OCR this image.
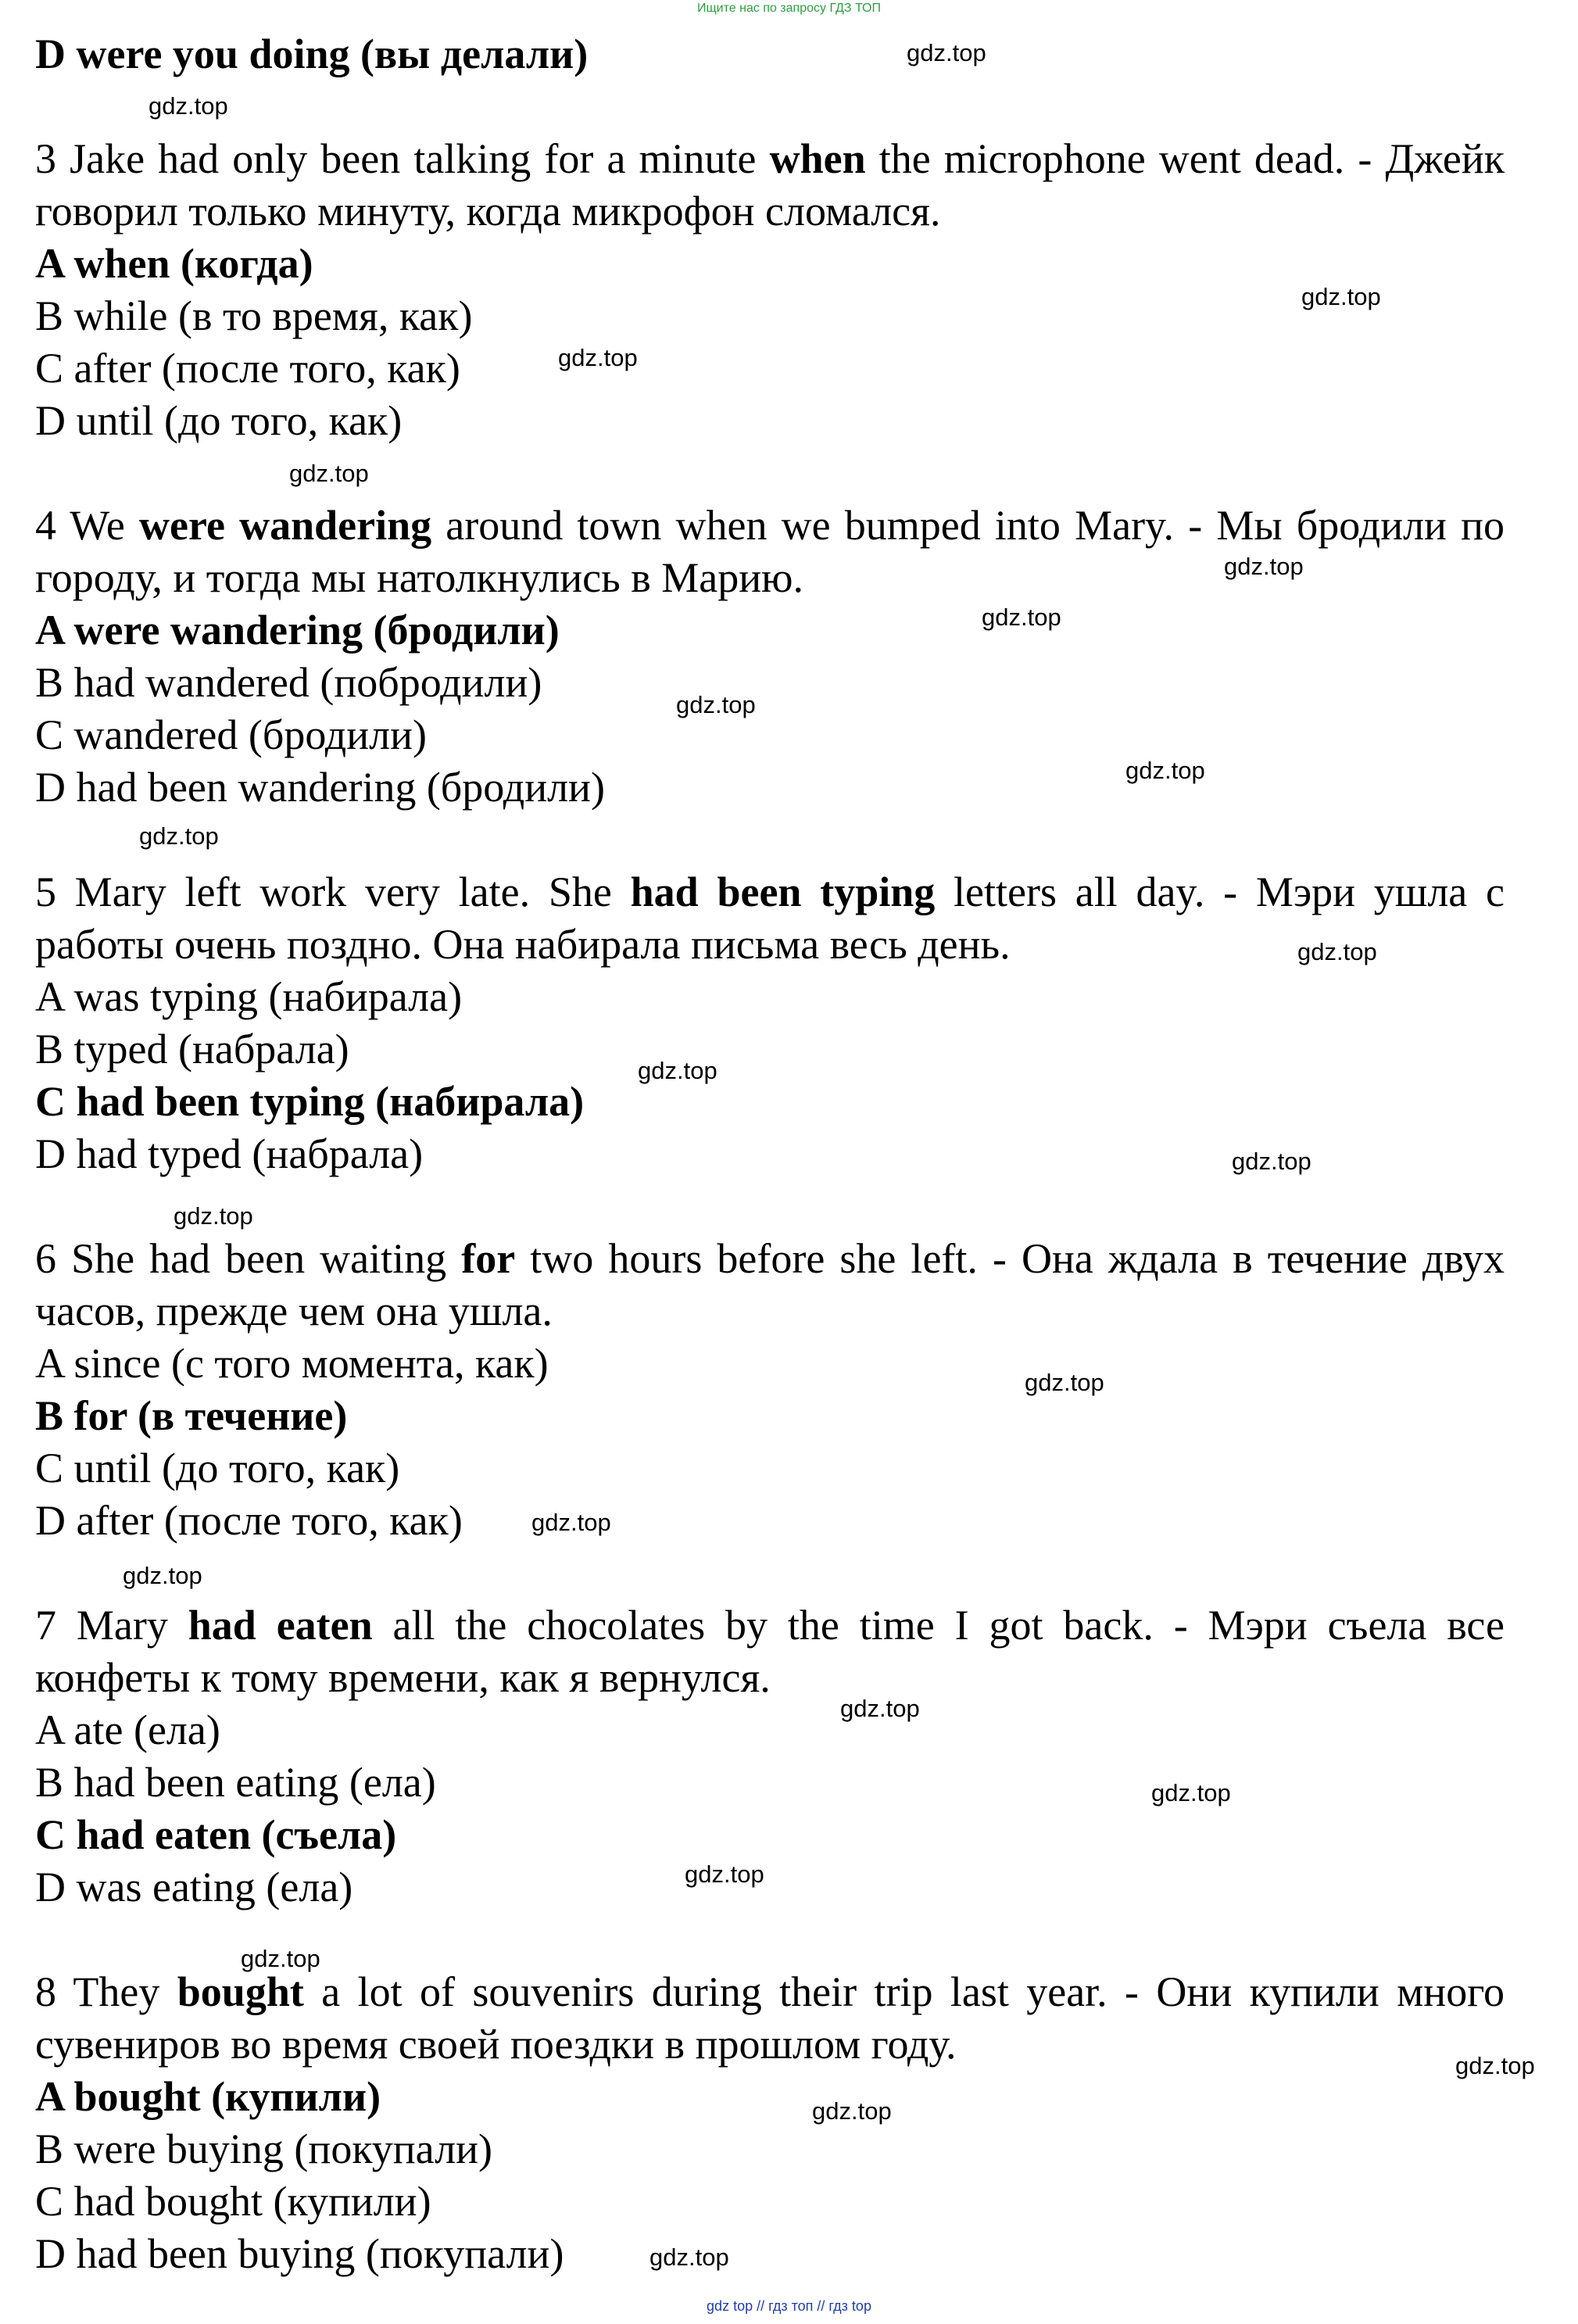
Ищите нас по запросу ГДЗ ТОП
D were you doing (вы делали)
3 Jake had only been talking for a minute when the microphone went dead. - Джейк говорил только минуту, когда микрофон сломался.
A when (когда)
B while (в то время, как)
C after (после того, как)
D until (до того, как)
4 We were wandering around town when we bumped into Mary. - Мы бродили по городу, и тогда мы натолкнулись в Марию.
A were wandering (бродили)
B had wandered (побродили)
C wandered (бродили)
D had been wandering (бродили)
5 Mary left work very late. She had been typing letters all day. - Мэри ушла с работы очень поздно. Она набирала письма весь день.
A was typing (набирала)
B typed (набрала)
C had been typing (набирала)
D had typed (набрала)
6 She had been waiting for two hours before she left. - Она ждала в течение двух часов, прежде чем она ушла.
A since (с того момента, как)
B for (в течение)
C until (до того, как)
D after (после того, как)
7 Mary had eaten all the chocolates by the time I got back. - Мэри съела все конфеты к тому времени, как я вернулся.
A ate (ела)
B had been eating (ела)
C had eaten (съела)
D was eating (ела)
8 They bought a lot of souvenirs during their trip last year. - Они купили много сувениров во время своей поездки в прошлом году.
A bought (купили)
B were buying (покупали)
C had bought (купили)
D had been buying (покупали)
gdz.top
gdz.top
gdz.top
gdz.top
gdz.top
gdz.top
gdz.top
gdz.top
gdz.top
gdz.top
gdz.top
gdz.top
gdz.top
gdz.top
gdz.top
gdz.top
gdz.top
gdz.top
gdz.top
gdz.top
gdz.top
gdz.top
gdz.top
gdz.top
gdz top // гдз топ // гдз top
